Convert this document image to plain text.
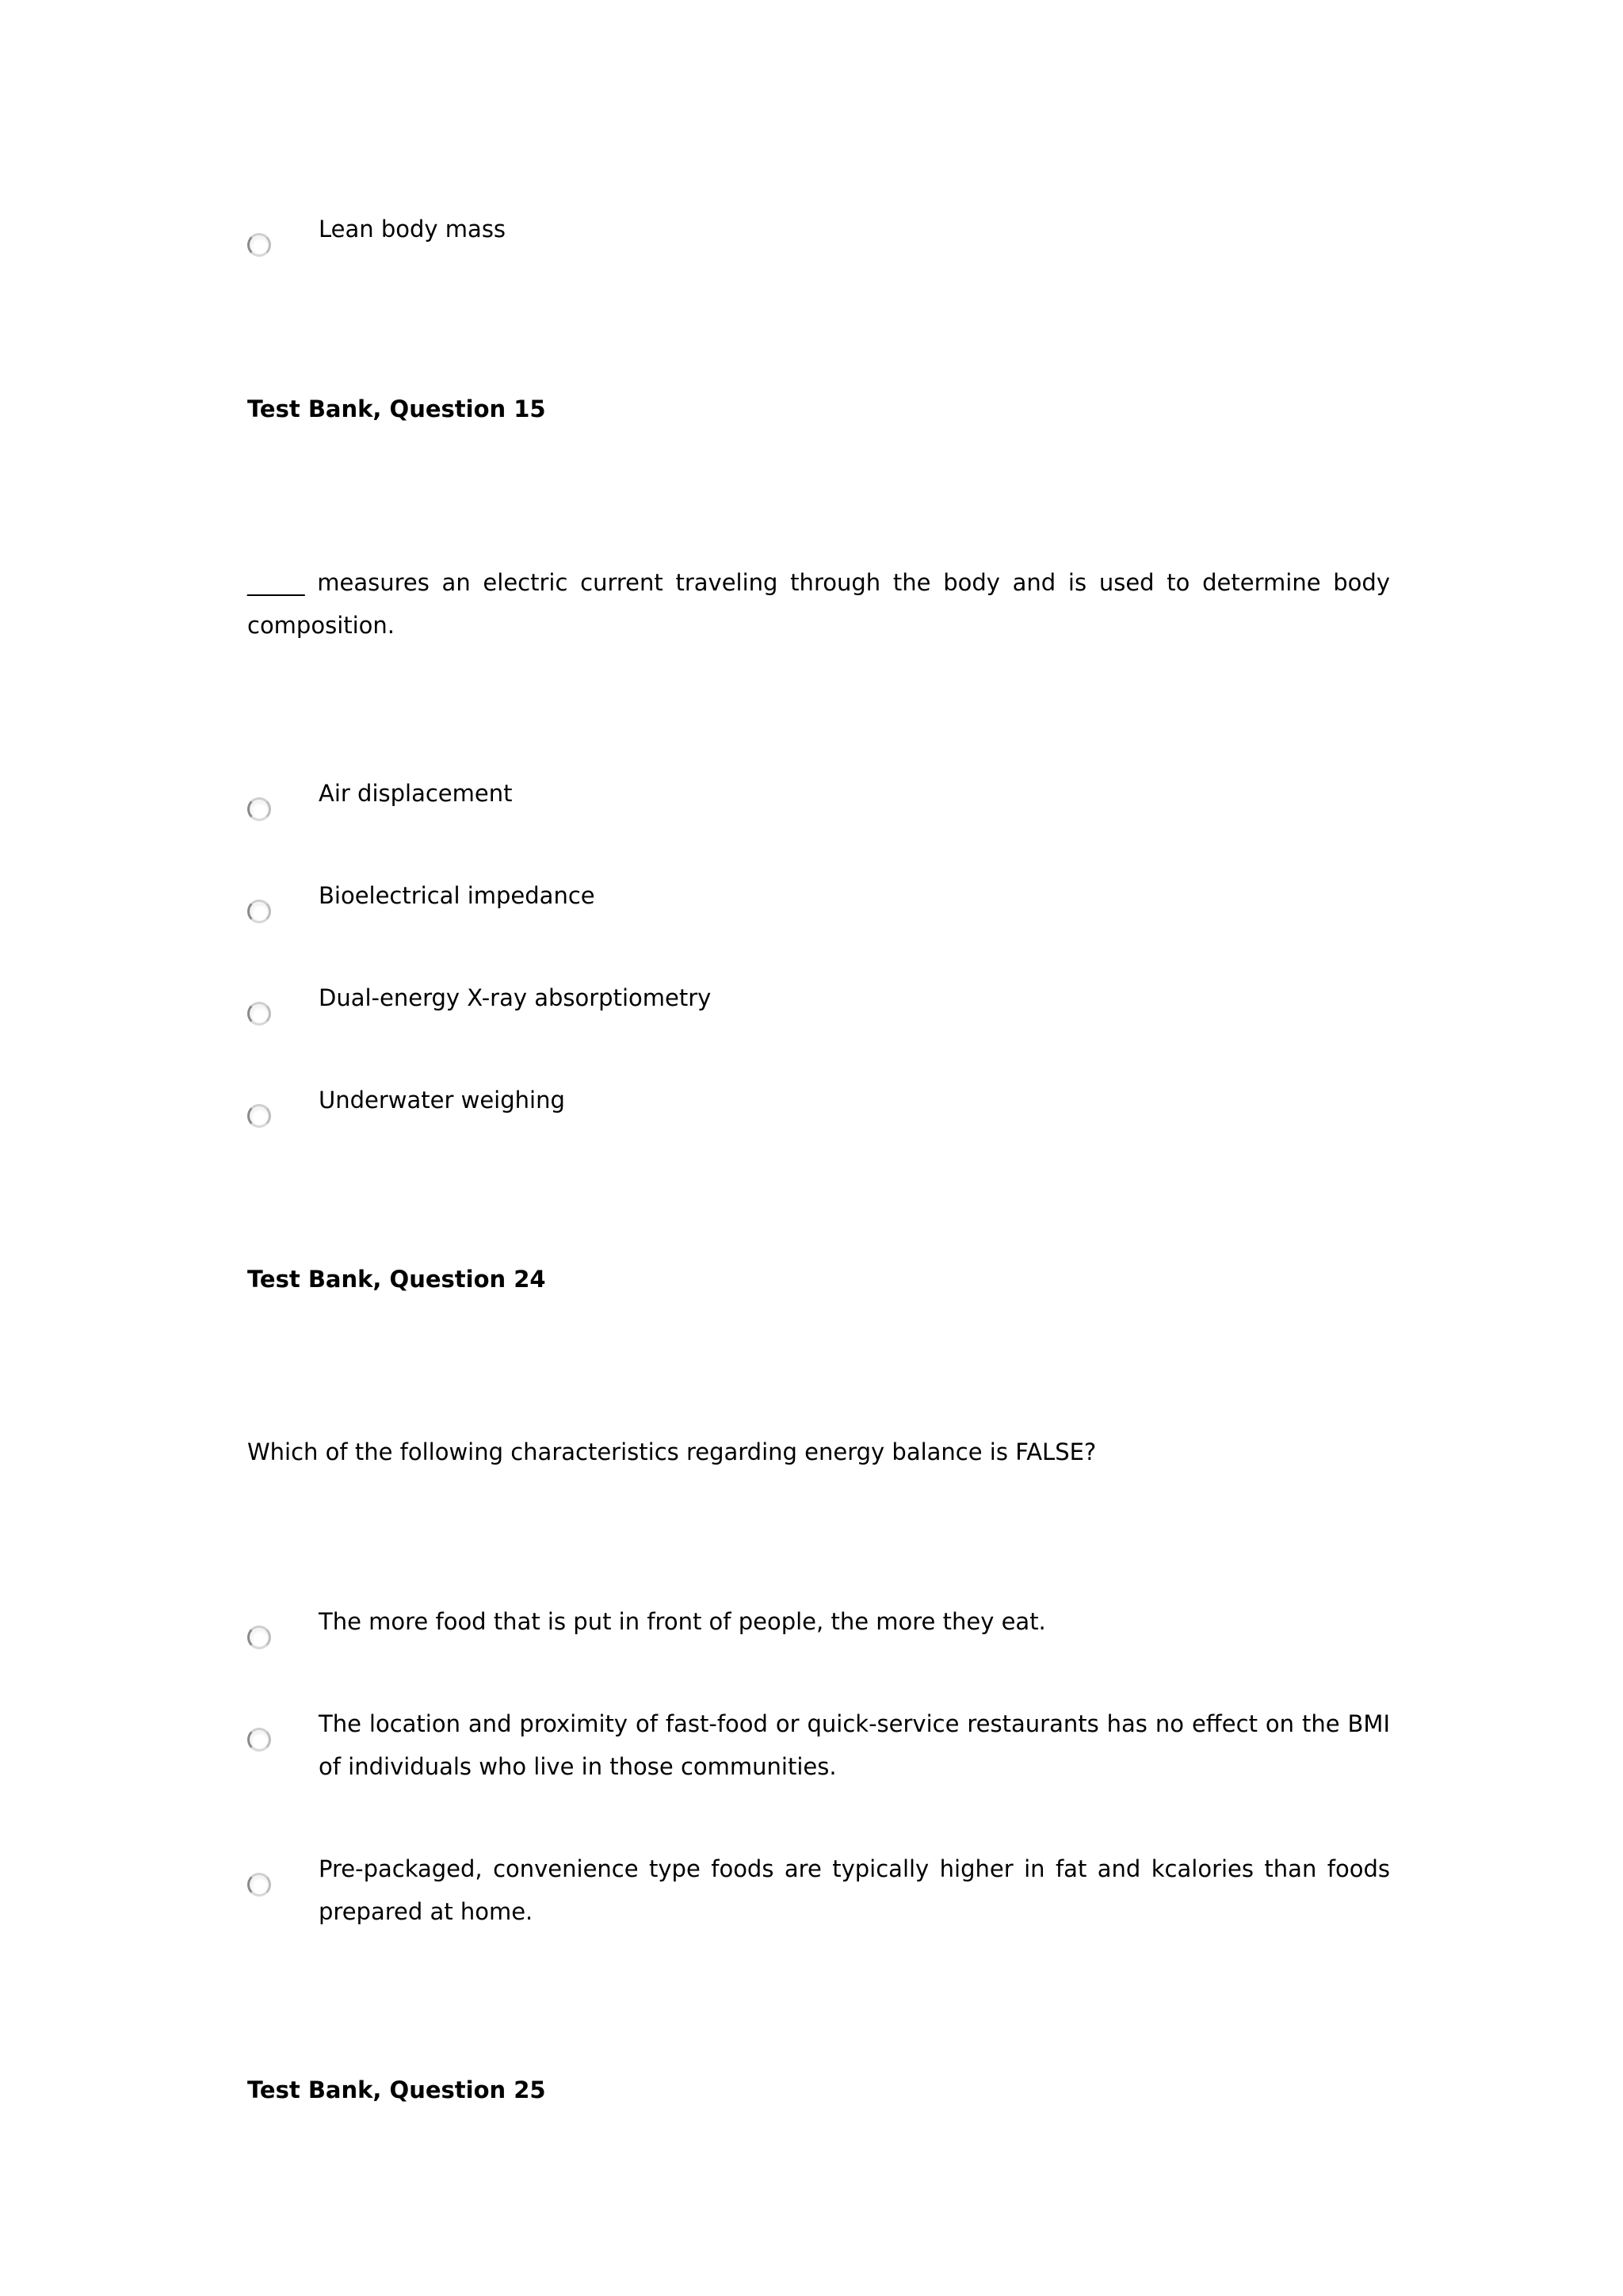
Lean body mass

Test Bank, Question 15

_____ measures an electric current traveling through the body and is used to determine body composition.

Air displacement

Bioelectrical impedance

Dual-energy X-ray absorptiometry

Underwater weighing

Test Bank, Question 24

Which of the following characteristics regarding energy balance is FALSE?

The more food that is put in front of people, the more they eat.

The location and proximity of fast-food or quick-service restaurants has no effect on the BMI of individuals who live in those communities.

Pre-packaged, convenience type foods are typically higher in fat and kcalories than foods prepared at home.

Test Bank, Question 25
